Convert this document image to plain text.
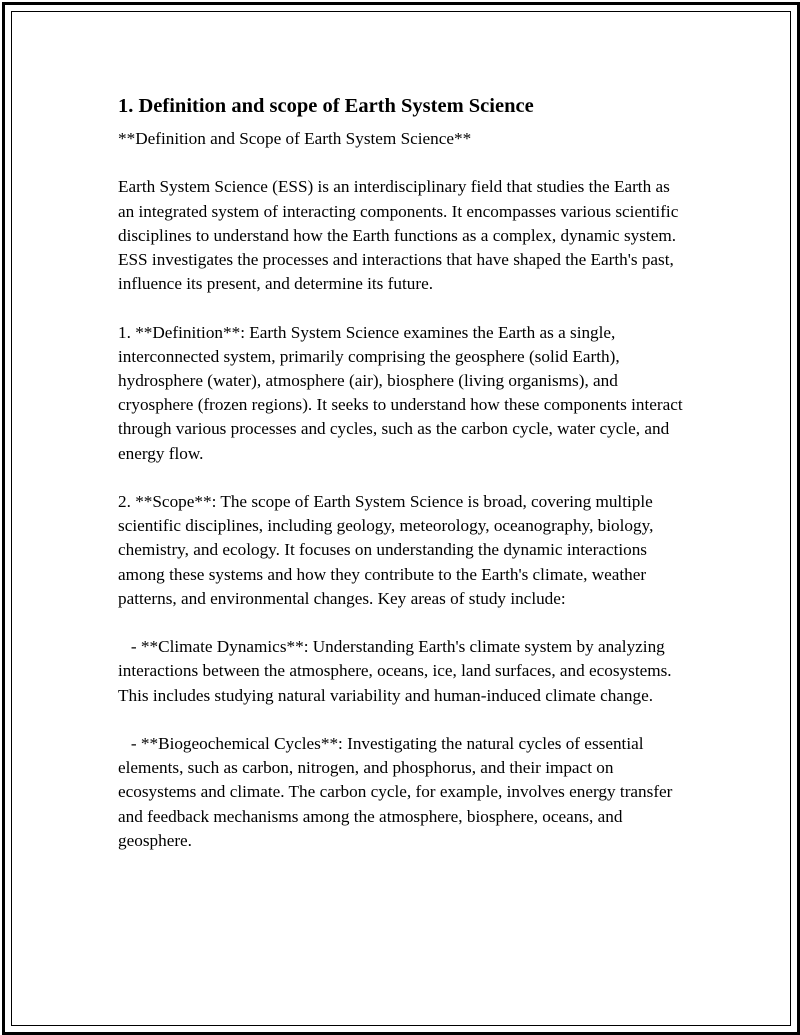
1. Definition and scope of Earth System Science

**Definition and Scope of Earth System Science**

Earth System Science (ESS) is an interdisciplinary field that studies the Earth as an integrated system of interacting components. It encompasses various scientific disciplines to understand how the Earth functions as a complex, dynamic system. ESS investigates the processes and interactions that have shaped the Earth's past, influence its present, and determine its future.

1. **Definition**: Earth System Science examines the Earth as a single, interconnected system, primarily comprising the geosphere (solid Earth), hydrosphere (water), atmosphere (air), biosphere (living organisms), and cryosphere (frozen regions). It seeks to understand how these components interact through various processes and cycles, such as the carbon cycle, water cycle, and energy flow.

2. **Scope**: The scope of Earth System Science is broad, covering multiple scientific disciplines, including geology, meteorology, oceanography, biology, chemistry, and ecology. It focuses on understanding the dynamic interactions among these systems and how they contribute to the Earth's climate, weather patterns, and environmental changes. Key areas of study include:

- **Climate Dynamics**: Understanding Earth's climate system by analyzing interactions between the atmosphere, oceans, ice, land surfaces, and ecosystems. This includes studying natural variability and human-induced climate change.

- **Biogeochemical Cycles**: Investigating the natural cycles of essential elements, such as carbon, nitrogen, and phosphorus, and their impact on ecosystems and climate. The carbon cycle, for example, involves energy transfer and feedback mechanisms among the atmosphere, biosphere, oceans, and geosphere.
